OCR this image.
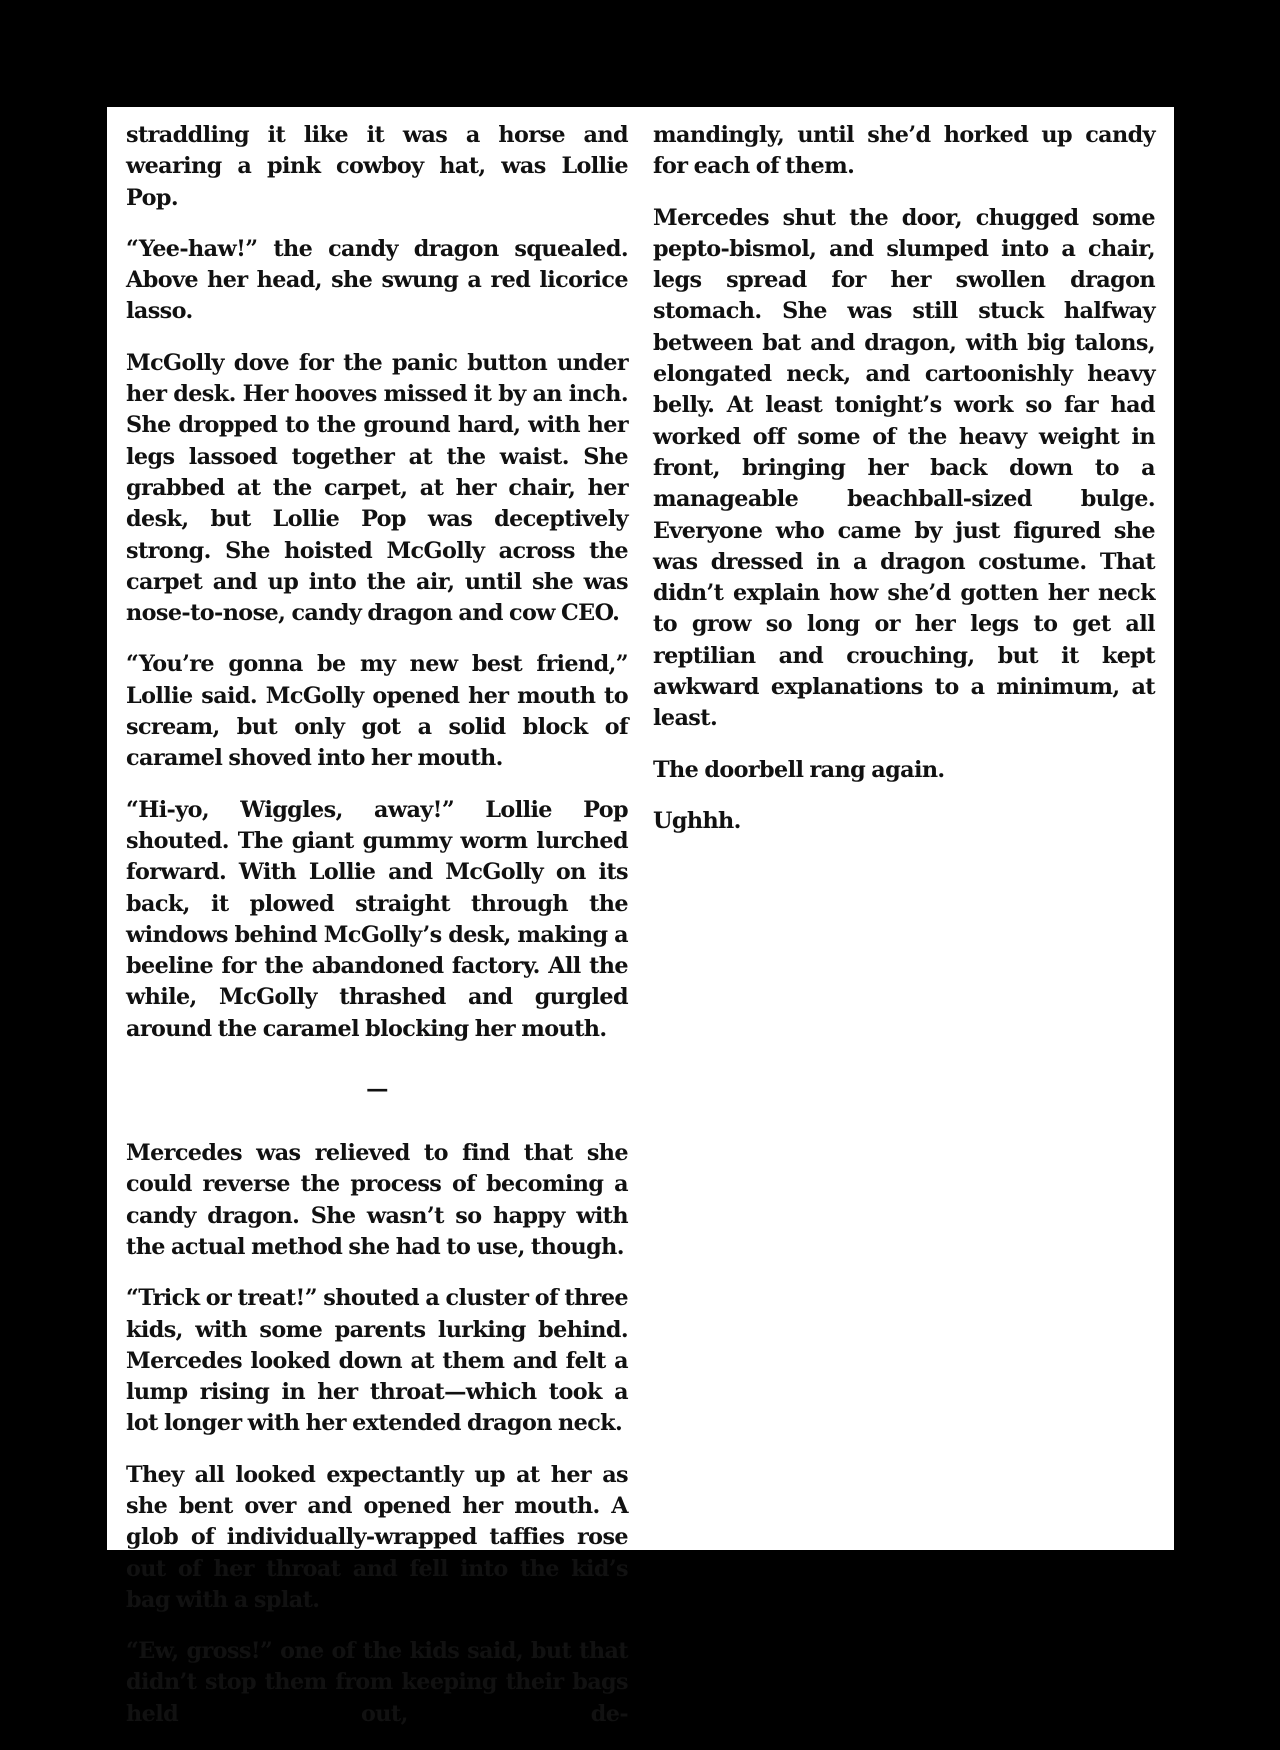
straddling it like it was a horse and wearing a pink cowboy hat, was Lollie Pop.

“Yee-haw!” the candy dragon squealed. Above her head, she swung a red licorice lasso.

McGolly dove for the panic button under her desk. Her hooves missed it by an inch. She dropped to the ground hard, with her legs lassoed together at the waist. She grabbed at the carpet, at her chair, her desk, but Lollie Pop was deceptively strong. She hoisted McGolly across the carpet and up into the air, until she was nose-to-nose, candy dragon and cow CEO.

“You’re gonna be my new best friend,” Lollie said. McGolly opened her mouth to scream, but only got a solid block of caramel shoved into her mouth.

“Hi-yo, Wiggles, away!” Lollie Pop shouted. The giant gummy worm lurched forward. With Lollie and McGolly on its back, it plowed straight through the windows behind McGolly’s desk, making a beeline for the abandoned factory. All the while, McGolly thrashed and gurgled around the caramel blocking her mouth.

—

Mercedes was relieved to find that she could reverse the process of becoming a candy dragon. She wasn’t so happy with the actual method she had to use, though.

“Trick or treat!” shouted a cluster of three kids, with some parents lurking behind. Mercedes looked down at them and felt a lump rising in her throat—which took a lot longer with her extended dragon neck.

They all looked expectantly up at her as she bent over and opened her mouth. A glob of individually-wrapped taffies rose out of her throat and fell into the kid’s bag with a splat.

“Ew, gross!” one of the kids said, but that didn’t stop them from keeping their bags held out, de-

mandingly, until she’d horked up candy for each of them.

Mercedes shut the door, chugged some pepto-bismol, and slumped into a chair, legs spread for her swollen dragon stomach. She was still stuck halfway between bat and dragon, with big talons, elongated neck, and cartoonishly heavy belly. At least tonight’s work so far had worked off some of the heavy weight in front, bringing her back down to a manageable beachball-sized bulge. Everyone who came by just figured she was dressed in a dragon costume. That didn’t explain how she’d gotten her neck to grow so long or her legs to get all reptilian and crouching, but it kept awkward explanations to a minimum, at least.

The doorbell rang again.

Ughhh.
